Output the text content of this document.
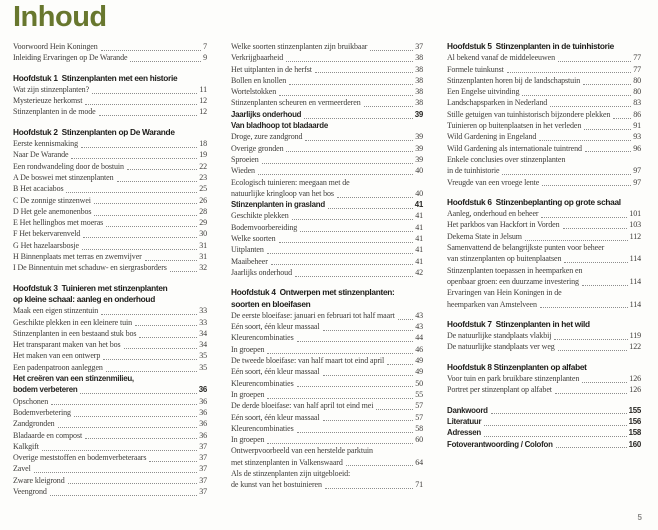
Inhoud
Voorwoord Hein Koningen	7
Inleiding Ervaringen op De Warande	9
Hoofdstuk 1  Stinzenplanten met een historie
Wat zijn stinzenplanten?	11
Mysterieuze herkomst	12
Stinzenplanten in de mode	12
Hoofdstuk 2  Stinzenplanten op De Warande
Eerste kennismaking	18
Naar De Warande	19
Een rondwandeling door de bostuin	22
A De boswei met stinzenplanten	23
B Het acaciabos	25
C De zonnige stinzenwei	26
D Het gele anemonenbos	28
E Het hellingbos met moeras	29
F Het bekervarenveld	30
G Het hazelaarsbosje	31
H Binnenplaats met terras en zwemvijver	31
I De Binnentuin met schaduw- en siergrasborders	32
Hoofdstuk 3  Tuinieren met stinzenplanten
op kleine schaal: aanleg en onderhoud
Maak een eigen stinzentuin	33
Geschikte plekken in een kleinere tuin	33
Stinzenplanten in een bestaand stuk bos	34
Het transparant maken van het bos	34
Het maken van een ontwerp	35
Een padenpatroon aanleggen	35
Het creëren van een stinzenmilieu,
bodem verbeteren	36
Opschonen	36
Bodemverbetering	36
Zandgronden	36
Bladaarde en compost	36
Kalkgift	37
Overige meststoffen en bodemverbeteraars	37
Zavel	37
Zware kleigrond	37
Veengrond	37
Welke soorten stinzenplanten zijn bruikbaar	37
Verkrijgbaarheid	38
Het uitplanten in de herfst	38
Bollen en knollen	38
Wortelstokken	38
Stinzenplanten scheuren en vermeerderen	38
Jaarlijks onderhoud	39
Van bladhoop tot bladaarde
Droge, zure zandgrond	39
Overige gronden	39
Sproeien	39
Wieden	40
Ecologisch tuinieren: meegaan met de
natuurlijke kringloop van het bos	40
Stinzenplanten in grasland	41
Geschikte plekken	41
Bodemvoorbereiding	41
Welke soorten	41
Uitplanten	41
Maaibeheer	41
Jaarlijks onderhoud	42
Hoofdstuk 4  Ontwerpen met stinzenplanten:
soorten en bloeifasen
De eerste bloeifase: januari en februari tot half maart	43
Eén soort, één kleur massaal	43
Kleurencombinaties	44
In groepen	46
De tweede bloeifase: van half maart tot eind april	49
Eén soort, één kleur massaal	49
Kleurencombinaties	50
In groepen	55
De derde bloeifase: van half april tot eind mei	57
Eén soort, één kleur massaal	57
Kleurencombinaties	58
In groepen	60
Ontwerpvoorbeeld van een herstelde parktuin
met stinzenplanten in Valkenswaard	64
Als de stinzenplanten zijn uitgebloeid:
de kunst van het bostuinieren	71
Hoofdstuk 5  Stinzenplanten in de tuinhistorie
Al bekend vanaf de middeleeuwen	77
Formele tuinkunst	77
Stinzenplanten horen bij de landschapstuin	80
Een Engelse uitvinding	80
Landschapsparken in Nederland	83
Stille getuigen van tuinhistorisch bijzondere plekken	86
Tuinieren op buitenplaatsen in het verleden	91
Wild Gardening in Engeland	93
Wild Gardening als internationale tuintrend	96
Enkele conclusies over stinzenplanten
in de tuinhistorie	97
Vreugde van een vroege lente	97
Hoofdstuk 6  Stinzenbeplanting op grote schaal
Aanleg, onderhoud en beheer	101
Het parkbos van Hackfort in Vorden	103
Dekema State in Jelsum	112
Samenvattend de belangrijkste punten voor beheer
van stinzenplanten op buitenplaatsen	114
Stinzenplanten toepassen in heemparken en
openbaar groen: een duurzame investering	114
Ervaringen van Hein Koningen in de
heemparken van Amstelveen	114
Hoofdstuk 7  Stinzenplanten in het wild
De natuurlijke standplaats vlakbij	119
De natuurlijke standplaats ver weg	122
Hoofdstuk 8 Stinzenplanten op alfabet
Voor tuin en park bruikbare stinzenplanten	126
Portret per stinzenplant op alfabet	126
Dankwoord	155
Literatuur	156
Adressen	158
Fotoverantwoording / Colofon	160
5
